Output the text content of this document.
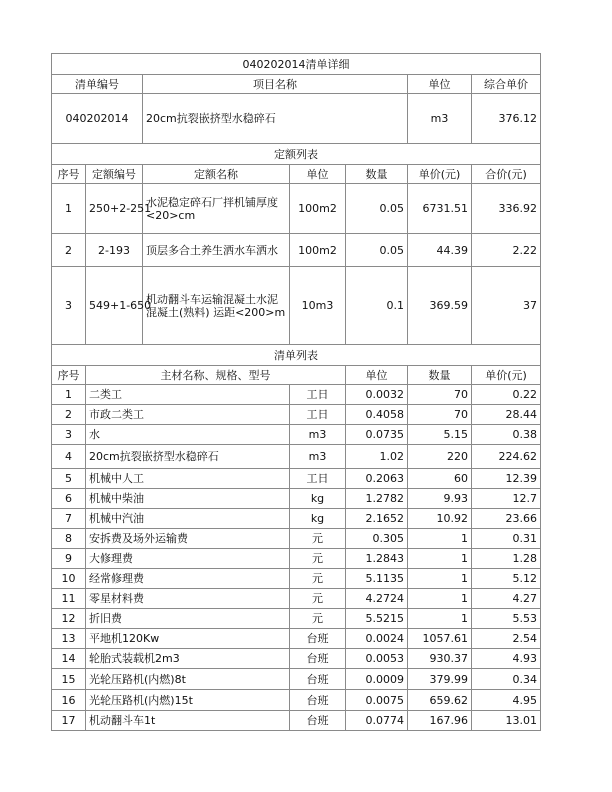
040202014清单详细							
清单编号		项目名称			单位	综合单价	
040202014		20cm抗裂嵌挤型水稳碎石			m3	376.12	
定额列表							
序号	定额编号	定额名称	单位	数量	单价(元)	合价(元)	
1	250+2-251	水泥稳定碎石厂拌机铺厚度<20>cm	100m2	0.05	6731.51	336.92	
2	2-193	顶层多合土养生洒水车洒水	100m2	0.05	44.39	2.22	
3	549+1-650	机动翻斗车运输混凝土水泥混凝土(熟料) 运距<200>m	10m3	0.1	369.59	37	
清单列表							
序号	主材名称、规格、型号			单位	数量	单价(元)	
1	二类工		工日	0.0032	70	0.22	
2	市政二类工		工日	0.4058	70	28.44	
3	水		m3	0.0735	5.15	0.38	
4	20cm抗裂嵌挤型水稳碎石		m3	1.02	220	224.62	
5	机械中人工		工日	0.2063	60	12.39	
6	机械中柴油		kg	1.2782	9.93	12.7	
7	机械中汽油		kg	2.1652	10.92	23.66	
8	安拆费及场外运输费		元	0.305	1	0.31	
9	大修理费		元	1.2843	1	1.28	
10	经常修理费		元	5.1135	1	5.12	
11	零星材料费		元	4.2724	1	4.27	
12	折旧费		元	5.5215	1	5.53	
13	平地机120Kw		台班	0.0024	1057.61	2.54	
14	轮胎式装载机2m3		台班	0.0053	930.37	4.93	
15	光轮压路机(内燃)8t		台班	0.0009	379.99	0.34	
16	光轮压路机(内燃)15t		台班	0.0075	659.62	4.95	
17	机动翻斗车1t		台班	0.0774	167.96	13.01	
